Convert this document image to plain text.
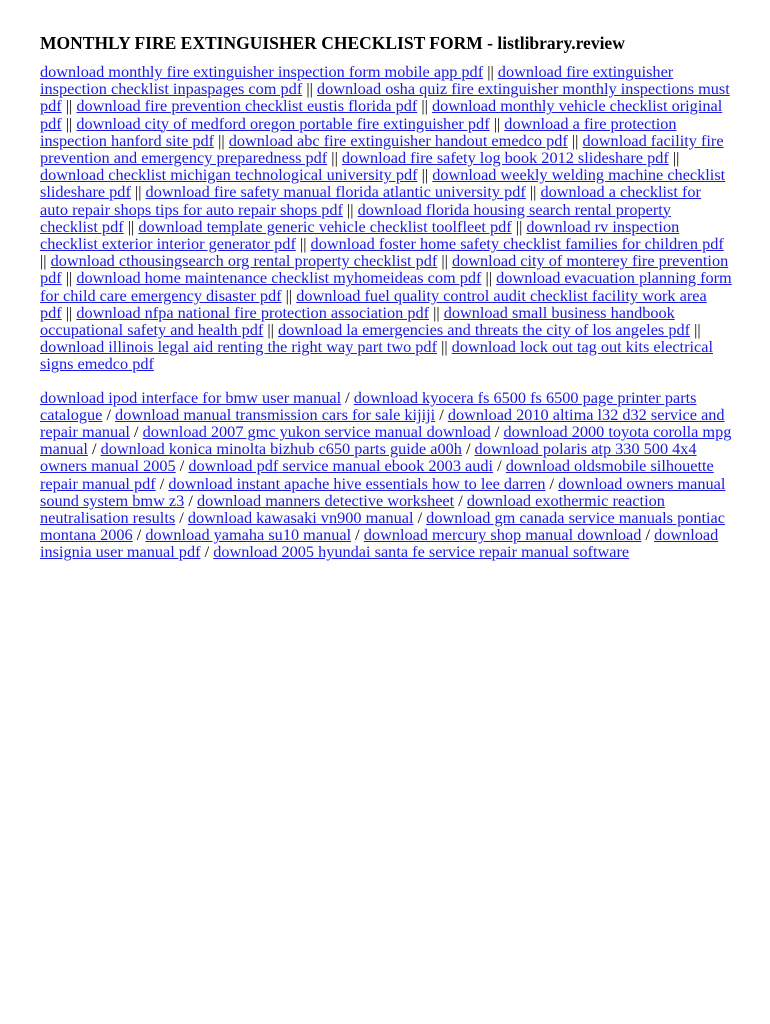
MONTHLY FIRE EXTINGUISHER CHECKLIST FORM - listlibrary.review

download monthly fire extinguisher inspection form mobile app pdf || download fire extinguisher inspection checklist inpaspages com pdf || download osha quiz fire extinguisher monthly inspections must pdf || download fire prevention checklist eustis florida pdf || download monthly vehicle checklist original pdf || download city of medford oregon portable fire extinguisher pdf || download a fire protection inspection hanford site pdf || download abc fire extinguisher handout emedco pdf || download facility fire prevention and emergency preparedness pdf || download fire safety log book 2012 slideshare pdf || download checklist michigan technological university pdf || download weekly welding machine checklist slideshare pdf || download fire safety manual florida atlantic university pdf || download a checklist for auto repair shops tips for auto repair shops pdf || download florida housing search rental property checklist pdf || download template generic vehicle checklist toolfleet pdf || download rv inspection checklist exterior interior generator pdf || download foster home safety checklist families for children pdf || download cthousingsearch org rental property checklist pdf || download city of monterey fire prevention pdf || download home maintenance checklist myhomeideas com pdf || download evacuation planning form for child care emergency disaster pdf || download fuel quality control audit checklist facility work area pdf || download nfpa national fire protection association pdf || download small business handbook occupational safety and health pdf || download la emergencies and threats the city of los angeles pdf || download illinois legal aid renting the right way part two pdf || download lock out tag out kits electrical signs emedco pdf

download ipod interface for bmw user manual / download kyocera fs 6500 fs 6500 page printer parts catalogue / download manual transmission cars for sale kijiji / download 2010 altima l32 d32 service and repair manual / download 2007 gmc yukon service manual download / download 2000 toyota corolla mpg manual / download konica minolta bizhub c650 parts guide a00h / download polaris atp 330 500 4x4 owners manual 2005 / download pdf service manual ebook 2003 audi / download oldsmobile silhouette repair manual pdf / download instant apache hive essentials how to lee darren / download owners manual sound system bmw z3 / download manners detective worksheet / download exothermic reaction neutralisation results / download kawasaki vn900 manual / download gm canada service manuals pontiac montana 2006 / download yamaha su10 manual / download mercury shop manual download / download insignia user manual pdf / download 2005 hyundai santa fe service repair manual software
